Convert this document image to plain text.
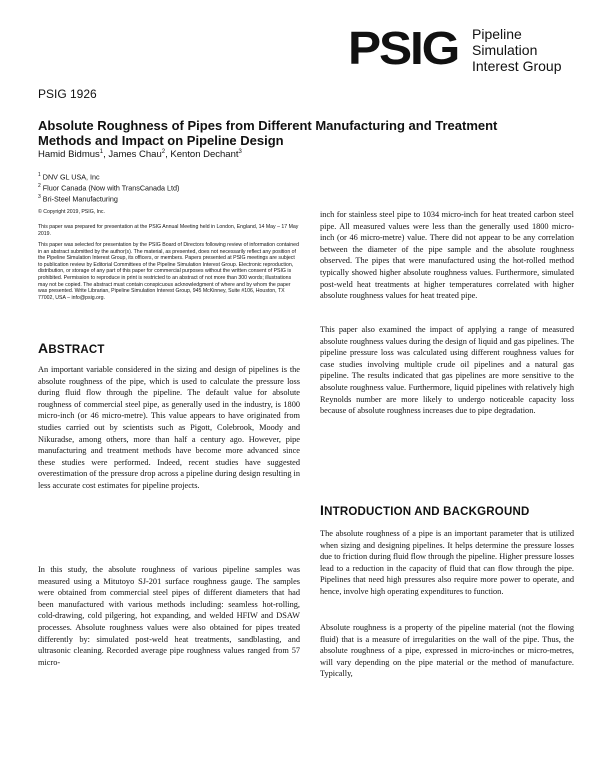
PSIG Pipeline
Simulation
Interest Group
PSIG 1926
Absolute Roughness of Pipes from Different Manufacturing and Treatment Methods and Impact on Pipeline Design
Hamid Bidmus$^1$, James Chau$^2$, Kenton Dechant$^3$
$^1$ DNV GL USA, Inc
$^2$ Fluor Canada (Now with TransCanada Ltd)
$^3$ Bri-Steel Manufacturing
© Copyright 2019, PSIG, Inc.
This paper was prepared for presentation at the PSIG Annual Meeting held in London, England, 14 May – 17 May 2019.
This paper was selected for presentation by the PSIG Board of Directors following review of information contained in an abstract submitted by the author(s). The material, as presented, does not necessarily reflect any position of the Pipeline Simulation Interest Group, its officers, or members. Papers presented at PSIG meetings are subject to publication review by Editorial Committees of the Pipeline Simulation Interest Group. Electronic reproduction, distribution, or storage of any part of this paper for commercial purposes without the written consent of PSIG is prohibited. Permission to reproduce in print is restricted to an abstract of not more than 300 words; illustrations may not be copied. The abstract must contain conspicuous acknowledgment of where and by whom the paper was presented. Write Librarian, Pipeline Simulation Interest Group, 945 McKinney, Suite #106, Houston, TX 77002, USA – info@psig.org.
ABSTRACT
An important variable considered in the sizing and design of pipelines is the absolute roughness of the pipe, which is used to calculate the pressure loss during fluid flow through the pipeline. The default value for absolute roughness of commercial steel pipe, as generally used in the industry, is 1800 micro-inch (or 46 micro-metre). This value appears to have originated from studies carried out by scientists such as Pigott, Colebrook, Moody and Nikuradse, among others, more than half a century ago. However, pipe manufacturing and treatment methods have become more advanced since these studies were performed. Indeed, recent studies have suggested overestimation of the pressure drop across a pipeline during design resulting in less accurate cost estimates for pipeline projects.
In this study, the absolute roughness of various pipeline samples was measured using a Mitutoyo SJ-201 surface roughness gauge. The samples were obtained from commercial steel pipes of different diameters that had been manufactured with various methods including: seamless hot-rolling, cold-drawing, cold pilgering, hot expanding, and welded HFIW and DSAW processes. Absolute roughness values were also obtained for pipes treated differently by: simulated post-weld heat treatments, sandblasting, and ultrasonic cleaning. Recorded average pipe roughness values ranged from 57 micro-
inch for stainless steel pipe to 1034 micro-inch for heat treated carbon steel pipe. All measured values were less than the generally used 1800 micro-inch (or 46 micro-metre) value. There did not appear to be any correlation between the diameter of the pipe sample and the absolute roughness observed. The pipes that were manufactured using the hot-rolled method typically showed higher absolute roughness values. Furthermore, simulated post-weld heat treatments at higher temperatures correlated with higher absolute roughness values for heat treated pipe.
This paper also examined the impact of applying a range of measured absolute roughness values during the design of liquid and gas pipelines. The pipeline pressure loss was calculated using different roughness values for case studies involving multiple crude oil pipelines and a natural gas pipeline. The results indicated that gas pipelines are more sensitive to the absolute roughness value. Furthermore, liquid pipelines with relatively high Reynolds number are more likely to undergo noticeable capacity loss because of absolute roughness increases due to pipe degradation.
INTRODUCTION AND BACKGROUND
The absolute roughness of a pipe is an important parameter that is utilized when sizing and designing pipelines. It helps determine the pressure losses due to friction during fluid flow through the pipeline. Higher pressure losses lead to a reduction in the capacity of fluid that can flow through the pipe. Pipelines that need high pressures also require more power to operate, and hence, involve high operating expenditures to function.
Absolute roughness is a property of the pipeline material (not the flowing fluid) that is a measure of irregularities on the wall of the pipe. Thus, the absolute roughness of a pipe, expressed in micro-inches or micro-metres, will vary depending on the pipe material or the method of manufacture. Typically,
